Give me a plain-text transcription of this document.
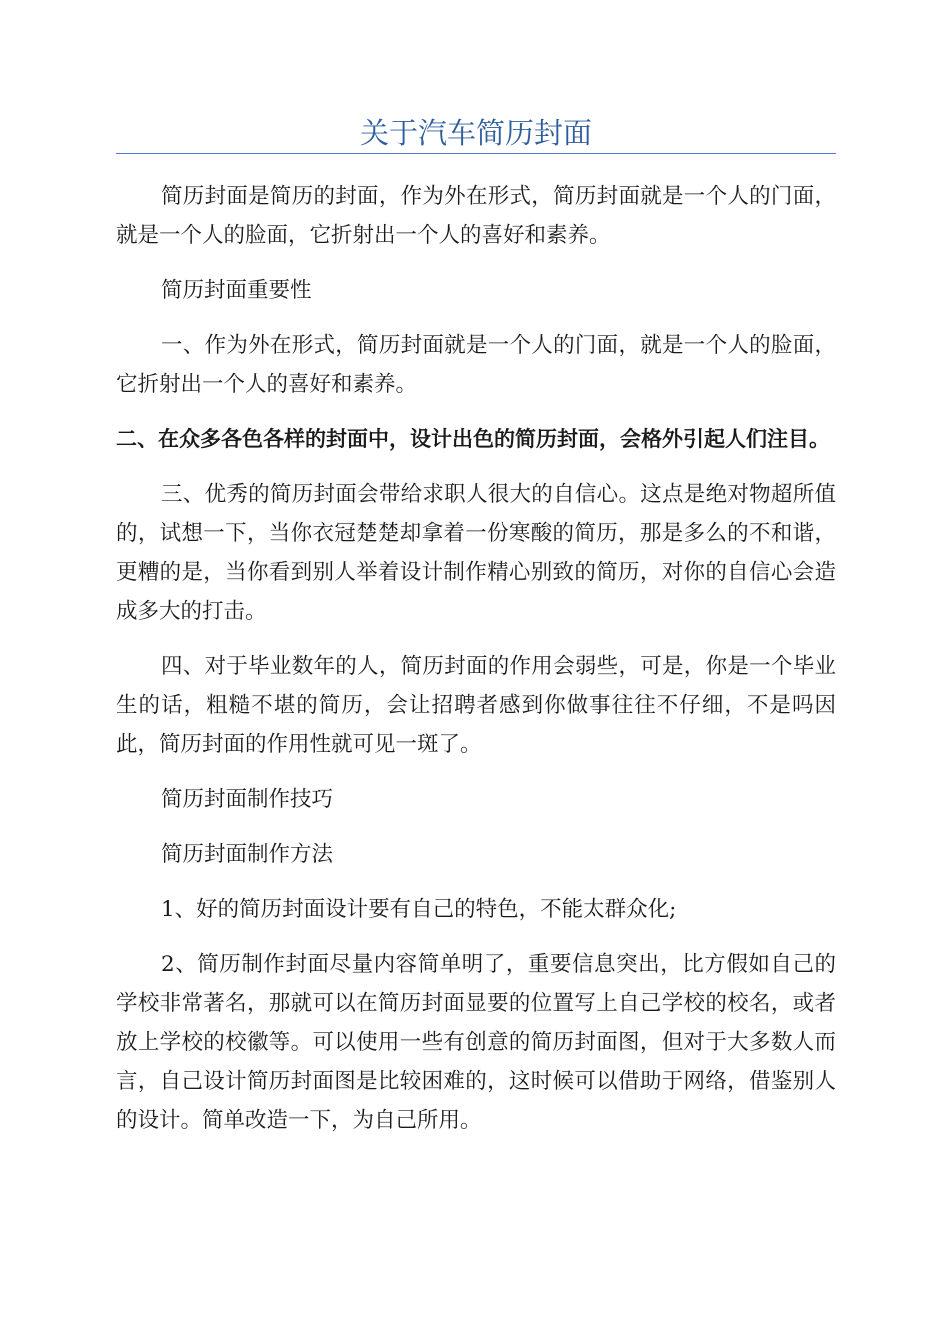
关于汽车简历封面

简历封面是简历的封面，作为外在形式，简历封面就是一个人的门面，就是一个人的脸面，它折射出一个人的喜好和素养。

简历封面重要性

一、作为外在形式，简历封面就是一个人的门面，就是一个人的脸面，它折射出一个人的喜好和素养。

二、在众多各色各样的封面中，设计出色的简历封面，会格外引起人们注目。

三、优秀的简历封面会带给求职人很大的自信心。这点是绝对物超所值的，试想一下，当你衣冠楚楚却拿着一份寒酸的简历，那是多么的不和谐，更糟的是，当你看到别人举着设计制作精心别致的简历，对你的自信心会造成多大的打击。

四、对于毕业数年的人，简历封面的作用会弱些，可是，你是一个毕业生的话，粗糙不堪的简历，会让招聘者感到你做事往往不仔细，不是吗因此，简历封面的作用性就可见一斑了。

简历封面制作技巧

简历封面制作方法

1、好的简历封面设计要有自己的特色，不能太群众化;

2、简历制作封面尽量内容简单明了，重要信息突出，比方假如自己的学校非常著名，那就可以在简历封面显要的位置写上自己学校的校名，或者放上学校的校徽等。可以使用一些有创意的简历封面图，但对于大多数人而言，自己设计简历封面图是比较困难的，这时候可以借助于网络，借鉴别人的设计。简单改造一下，为自己所用。
